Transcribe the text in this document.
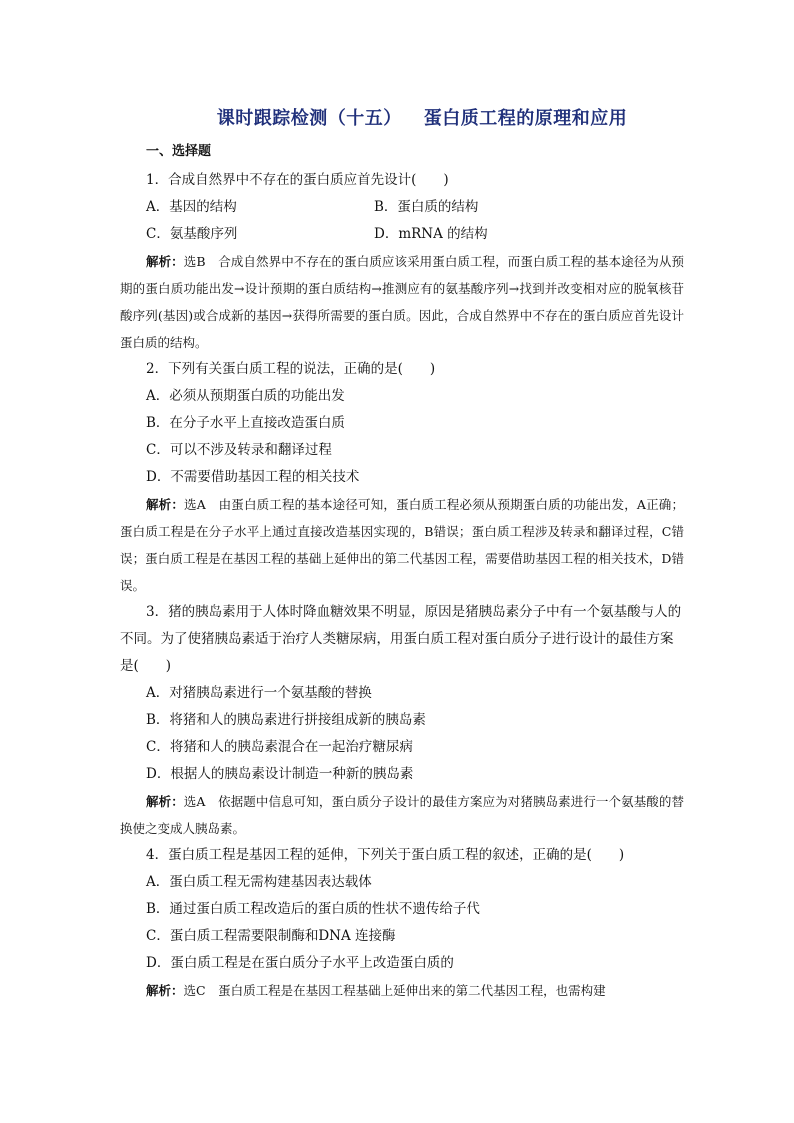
课时跟踪检测（十五） 蛋白质工程的原理和应用
一、选择题

1．合成自然界中不存在的蛋白质应首先设计(　　)

A．基因的结构	B．蛋白质的结构
C．氨基酸序列	D．mRNA 的结构

解析：选B　合成自然界中不存在的蛋白质应该采用蛋白质工程，而蛋白质工程的基本途径为从预期的蛋白质功能出发→设计预期的蛋白质结构→推测应有的氨基酸序列→找到并改变相对应的脱氧核苷酸序列(基因)或合成新的基因→获得所需要的蛋白质。因此，合成自然界中不存在的蛋白质应首先设计蛋白质的结构。

2．下列有关蛋白质工程的说法，正确的是(　　)

A．必须从预期蛋白质的功能出发

B．在分子水平上直接改造蛋白质

C．可以不涉及转录和翻译过程

D．不需要借助基因工程的相关技术

解析：选A　由蛋白质工程的基本途径可知，蛋白质工程必须从预期蛋白质的功能出发，A正确；蛋白质工程是在分子水平上通过直接改造基因实现的，B错误；蛋白质工程涉及转录和翻译过程，C错误；蛋白质工程是在基因工程的基础上延伸出的第二代基因工程，需要借助基因工程的相关技术，D错误。

3．猪的胰岛素用于人体时降血糖效果不明显，原因是猪胰岛素分子中有一个氨基酸与人的不同。为了使猪胰岛素适于治疗人类糖尿病，用蛋白质工程对蛋白质分子进行设计的最佳方案是(　　)

A．对猪胰岛素进行一个氨基酸的替换

B．将猪和人的胰岛素进行拼接组成新的胰岛素

C．将猪和人的胰岛素混合在一起治疗糖尿病

D．根据人的胰岛素设计制造一种新的胰岛素

解析：选A　依据题中信息可知，蛋白质分子设计的最佳方案应为对猪胰岛素进行一个氨基酸的替换使之变成人胰岛素。

4．蛋白质工程是基因工程的延伸，下列关于蛋白质工程的叙述，正确的是(　　)

A．蛋白质工程无需构建基因表达载体

B．通过蛋白质工程改造后的蛋白质的性状不遗传给子代

C．蛋白质工程需要限制酶和DNA 连接酶

D．蛋白质工程是在蛋白质分子水平上改造蛋白质的

解析：选C　蛋白质工程是在基因工程基础上延伸出来的第二代基因工程，也需构建
